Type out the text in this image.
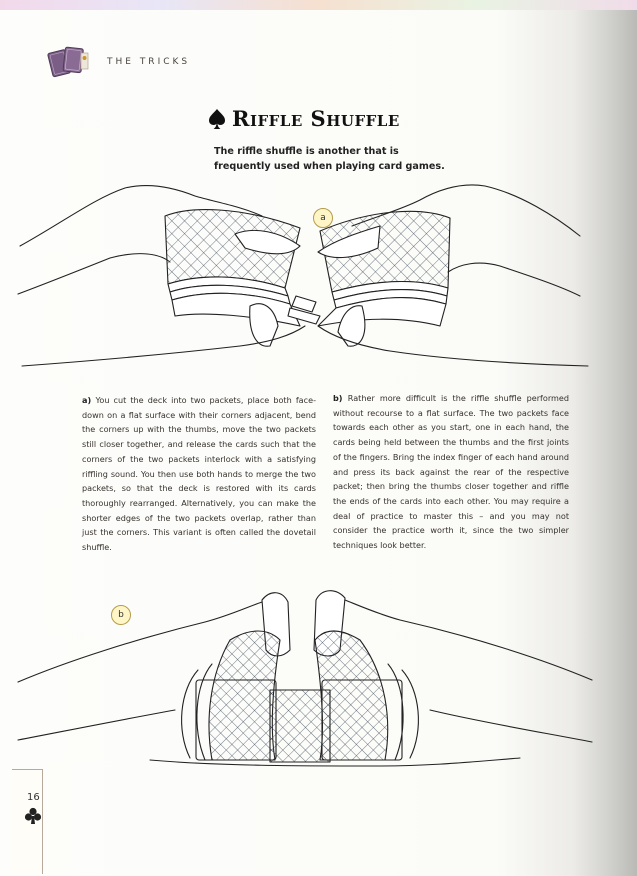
THE TRICKS
Riffle Shuffle
The riffle shuffle is another that is frequently used when playing card games.
a
a) You cut the deck into two packets, place both face-down on a flat surface with their corners adjacent, bend the corners up with the thumbs, move the two packets still closer together, and release the cards such that the corners of the two packets interlock with a satisfying riffling sound. You then use both hands to merge the two packets, so that the deck is restored with its cards thoroughly rearranged. Alternatively, you can make the shorter edges of the two packets overlap, rather than just the corners. This variant is often called the dovetail shuffle.
b) Rather more difficult is the riffle shuffle performed without recourse to a flat surface. The two packets face towards each other as you start, one in each hand, the cards being held between the thumbs and the first joints of the fingers. Bring the index finger of each hand around and press its back against the rear of the respective packet; then bring the thumbs closer together and riffle the ends of the cards into each other. You may require a deal of practice to master this – and you may not consider the practice worth it, since the two simpler techniques look better.
b
16
